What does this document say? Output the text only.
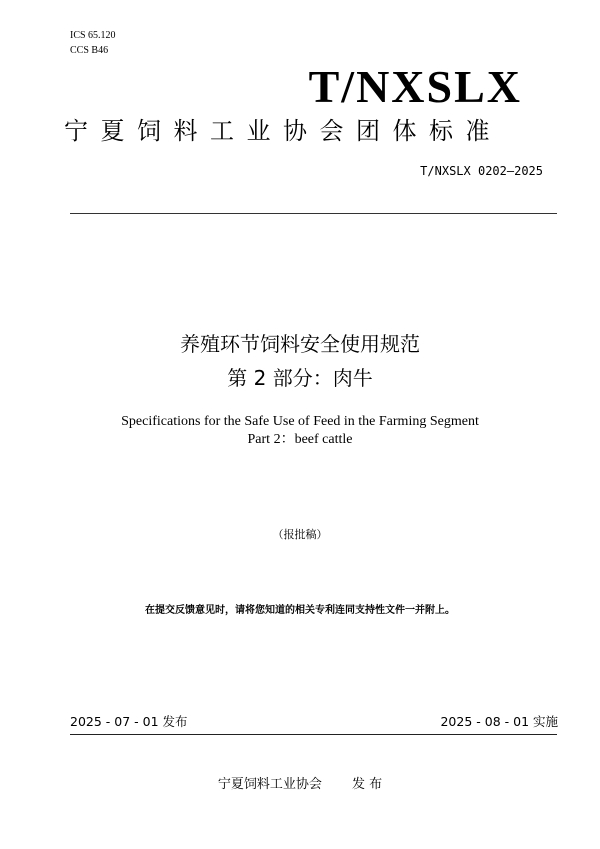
ICS 65.120
CCS B46
T/NXSLX
宁夏饲料工业协会团体标准
T/NXSLX 0202—2025
养殖环节饲料安全使用规范
第 2 部分：肉牛
Specifications for the Safe Use of Feed in the Farming Segment
Part 2：beef cattle
（报批稿）
在提交反馈意见时，请将您知道的相关专利连同支持性文件一并附上。
2025 - 07 - 01 发布	2025 - 08 - 01 实施
宁夏饲料工业协会 发 布
